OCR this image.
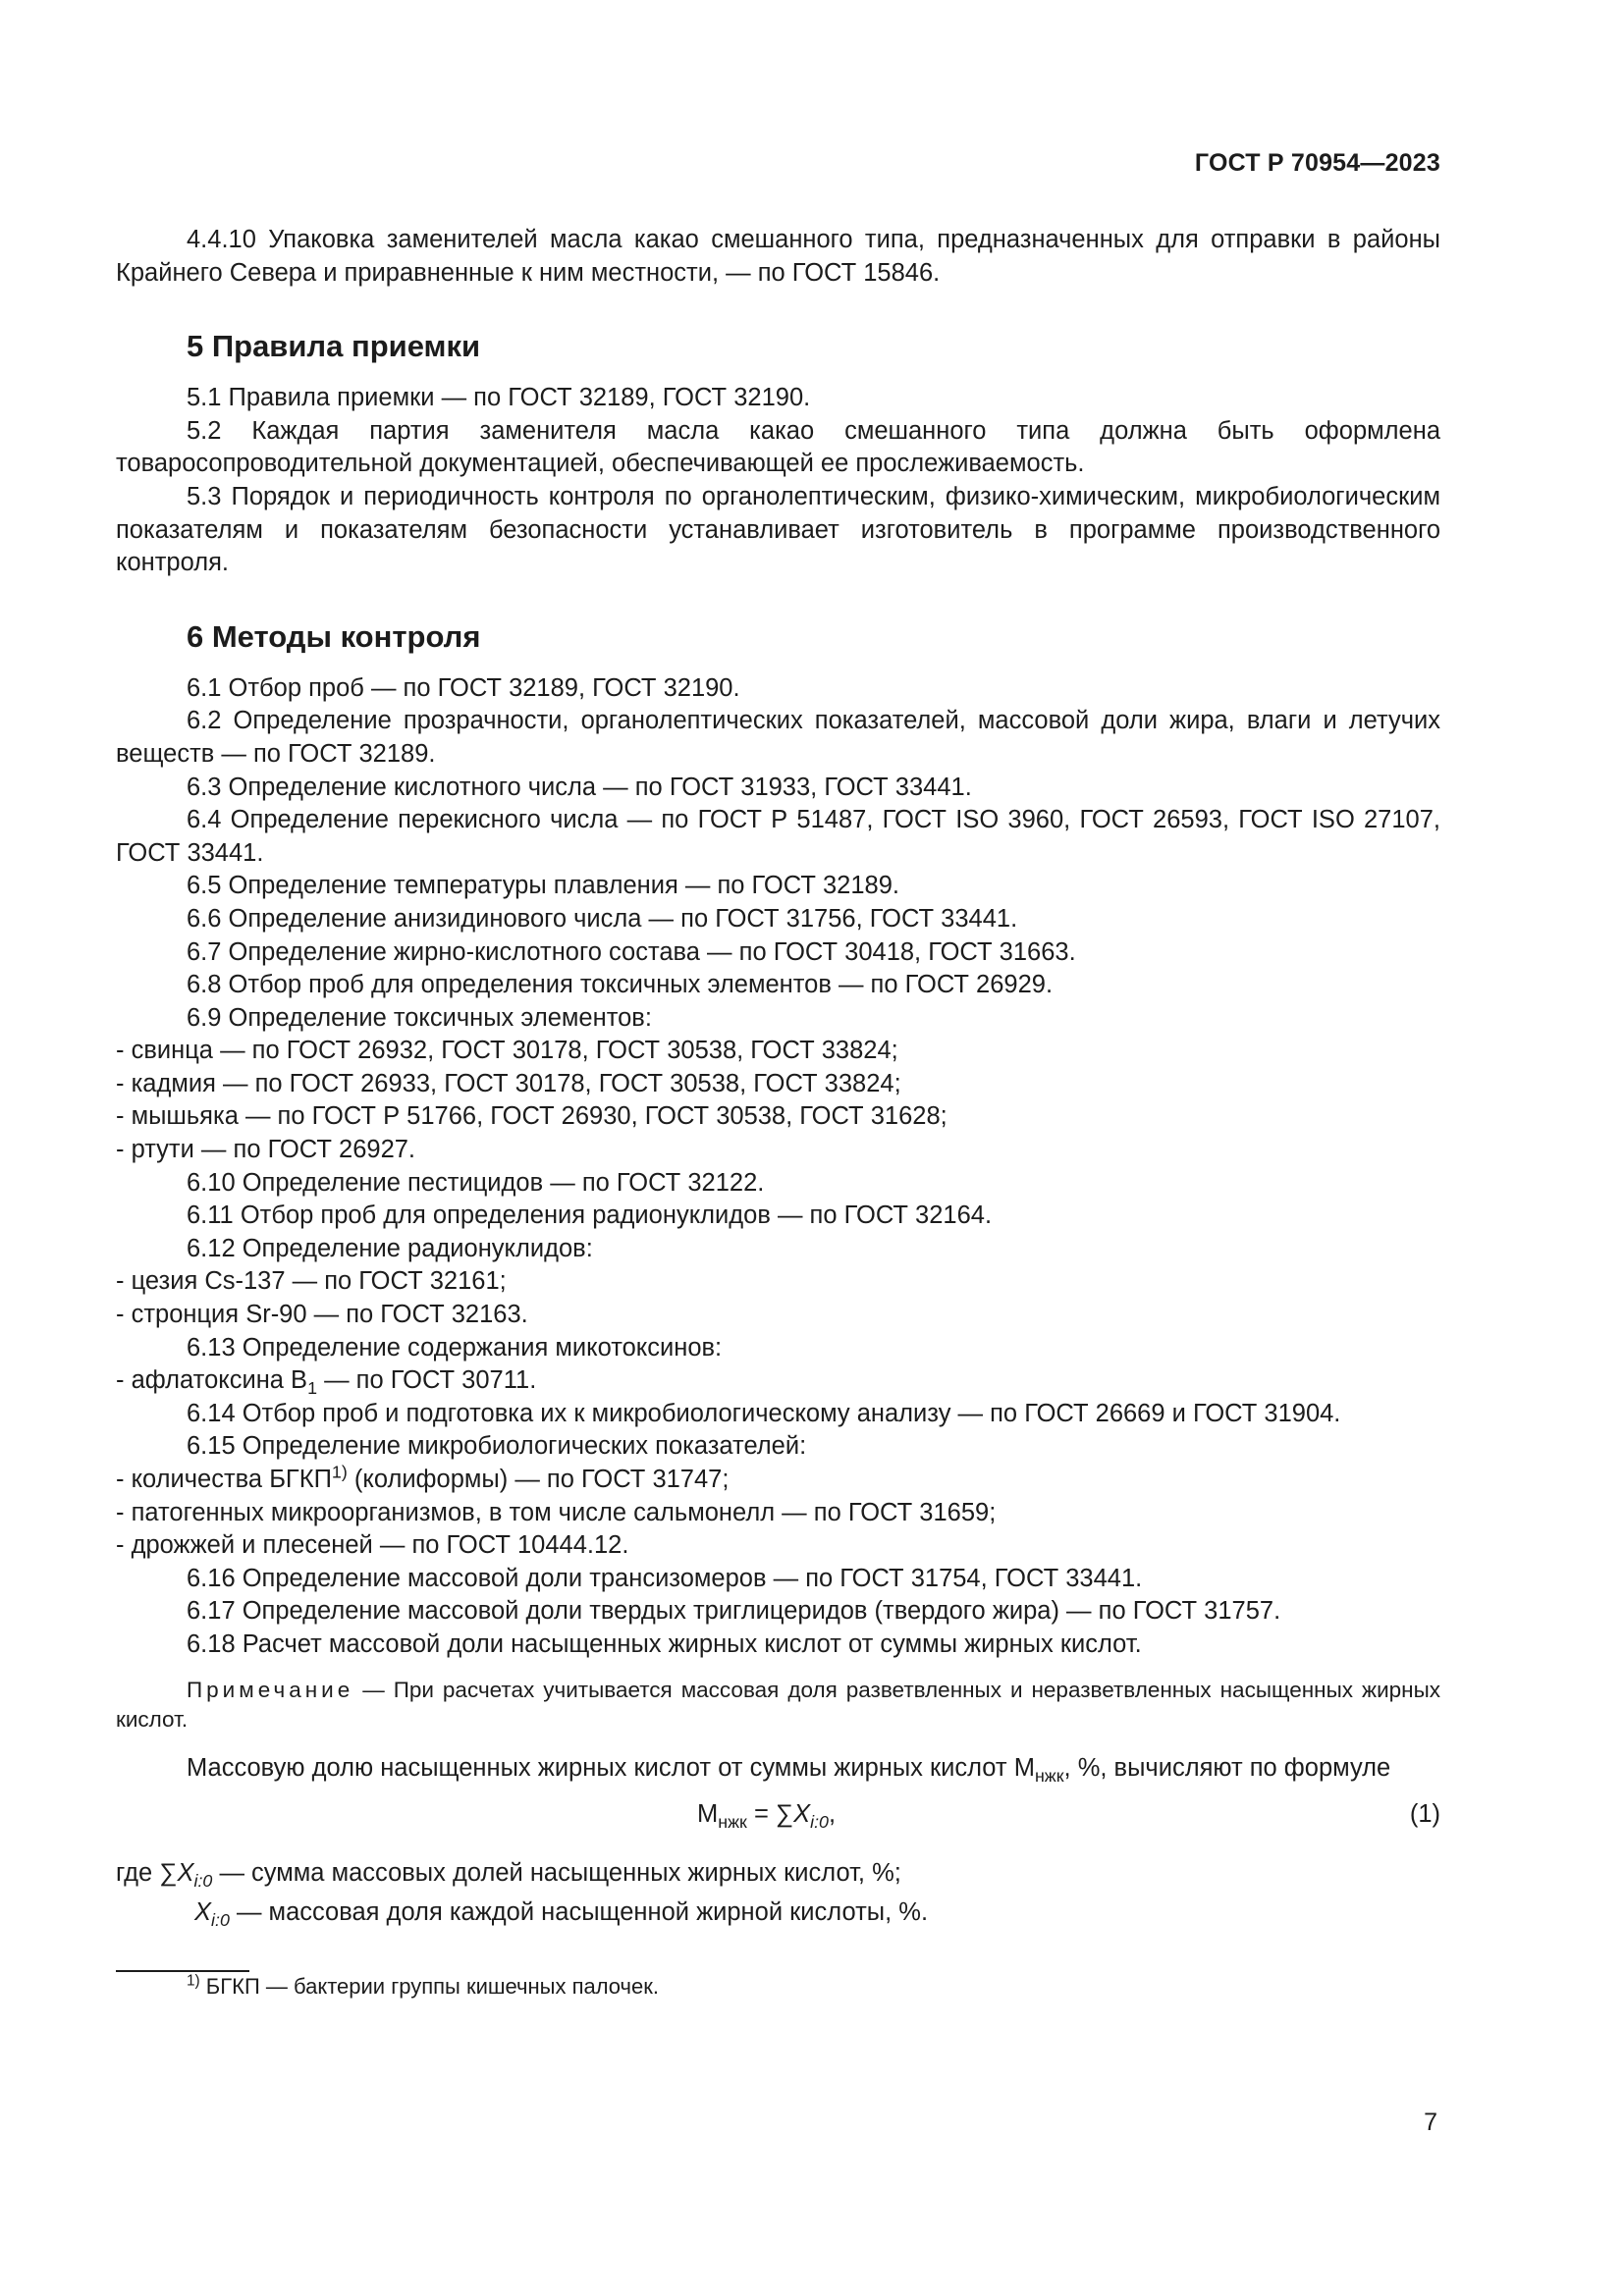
ГОСТ Р 70954—2023

4.4.10 Упаковка заменителей масла какао смешанного типа, предназначенных для отправки в районы Крайнего Севера и приравненные к ним местности, — по ГОСТ 15846.

5 Правила приемки

5.1 Правила приемки — по ГОСТ 32189, ГОСТ 32190.

5.2 Каждая партия заменителя масла какао смешанного типа должна быть оформлена товаросопроводительной документацией, обеспечивающей ее прослеживаемость.

5.3 Порядок и периодичность контроля по органолептическим, физико-химическим, микробиологическим показателям и показателям безопасности устанавливает изготовитель в программе производственного контроля.

6 Методы контроля

6.1 Отбор проб — по ГОСТ 32189, ГОСТ 32190.

6.2 Определение прозрачности, органолептических показателей, массовой доли жира, влаги и летучих веществ — по ГОСТ 32189.

6.3 Определение кислотного числа — по ГОСТ 31933, ГОСТ 33441.

6.4 Определение перекисного числа — по ГОСТ Р 51487, ГОСТ ISO 3960, ГОСТ 26593, ГОСТ ISO 27107, ГОСТ 33441.

6.5 Определение температуры плавления — по ГОСТ 32189.

6.6 Определение анизидинового числа — по ГОСТ 31756, ГОСТ 33441.

6.7 Определение жирно-кислотного состава — по ГОСТ 30418, ГОСТ 31663.

6.8 Отбор проб для определения токсичных элементов — по ГОСТ 26929.

6.9 Определение токсичных элементов:

- свинца — по ГОСТ 26932, ГОСТ 30178, ГОСТ 30538, ГОСТ 33824;

- кадмия — по ГОСТ 26933, ГОСТ 30178, ГОСТ 30538, ГОСТ 33824;

- мышьяка — по ГОСТ Р 51766, ГОСТ 26930, ГОСТ 30538, ГОСТ 31628;

- ртути — по ГОСТ 26927.

6.10 Определение пестицидов — по ГОСТ 32122.

6.11 Отбор проб для определения радионуклидов — по ГОСТ 32164.

6.12 Определение радионуклидов:

- цезия Cs-137 — по ГОСТ 32161;

- стронция Sr-90 — по ГОСТ 32163.

6.13 Определение содержания микотоксинов:

- афлатоксина $B_1$ — по ГОСТ 30711.

6.14 Отбор проб и подготовка их к микробиологическому анализу — по ГОСТ 26669 и ГОСТ 31904.

6.15 Определение микробиологических показателей:

- количества БГКП$^{1)}$ (колиформы) — по ГОСТ 31747;

- патогенных микроорганизмов, в том числе сальмонелл — по ГОСТ 31659;

- дрожжей и плесеней — по ГОСТ 10444.12.

6.16 Определение массовой доли трансизомеров — по ГОСТ 31754, ГОСТ 33441.

6.17 Определение массовой доли твердых триглицеридов (твердого жира) — по ГОСТ 31757.

6.18 Расчет массовой доли насыщенных жирных кислот от суммы жирных кислот.

Примечание — При расчетах учитывается массовая доля разветвленных и неразветвленных насыщенных жирных кислот.

Массовую долю насыщенных жирных кислот от суммы жирных кислот $M_{нжк}$, %, вычисляют по формуле

$M_{нжк} = \sum X_{i:0}$,	(1)

где $\sum X_{i:0}$ — сумма массовых долей насыщенных жирных кислот, %;

$X_{i:0}$ — массовая доля каждой насыщенной жирной кислоты, %.

$^{1)}$ БГКП — бактерии группы кишечных палочек.

7
